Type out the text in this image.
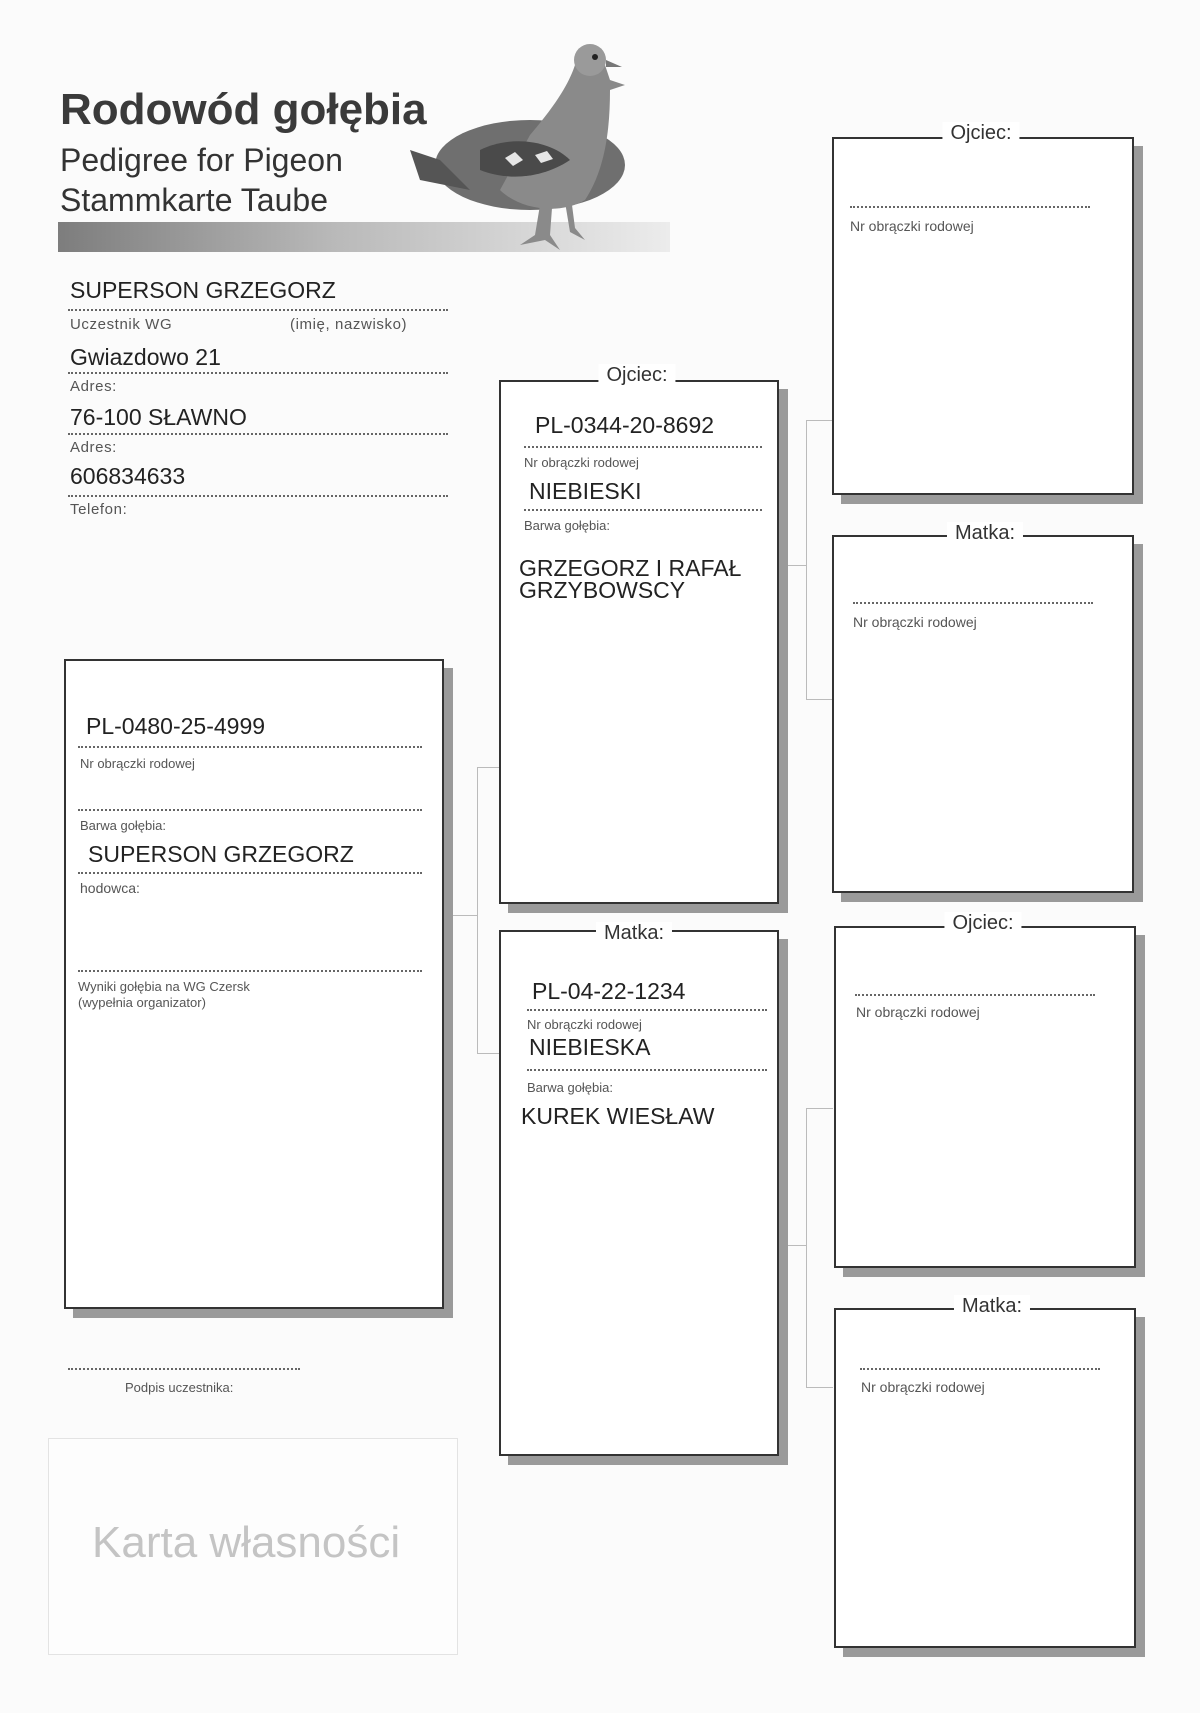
Rodowód gołębia
Pedigree for Pigeon
Stammkarte Taube
SUPERSON GRZEGORZ
Uczestnik WG	(imię, nazwisko)
Gwiazdowo 21
Adres:
76-100 SŁAWNO
Adres:
606834633
Telefon:
PL-0480-25-4999
Nr obrączki rodowej
Barwa gołębia:
SUPERSON GRZEGORZ
hodowca:
Wyniki gołębia na WG Czersk
(wypełnia organizator)
Podpis uczestnika:
Karta własności
Ojciec:
PL-0344-20-8692
Nr obrączki rodowej
NIEBIESKI
Barwa gołębia:
GRZEGORZ I RAFAŁ
GRZYBOWSCY
Matka:
PL-04-22-1234
Nr obrączki rodowej
NIEBIESKA
Barwa gołębia:
KUREK WIESŁAW
Ojciec:
Nr obrączki rodowej
Matka:
Nr obrączki rodowej
Ojciec:
Nr obrączki rodowej
Matka:
Nr obrączki rodowej
